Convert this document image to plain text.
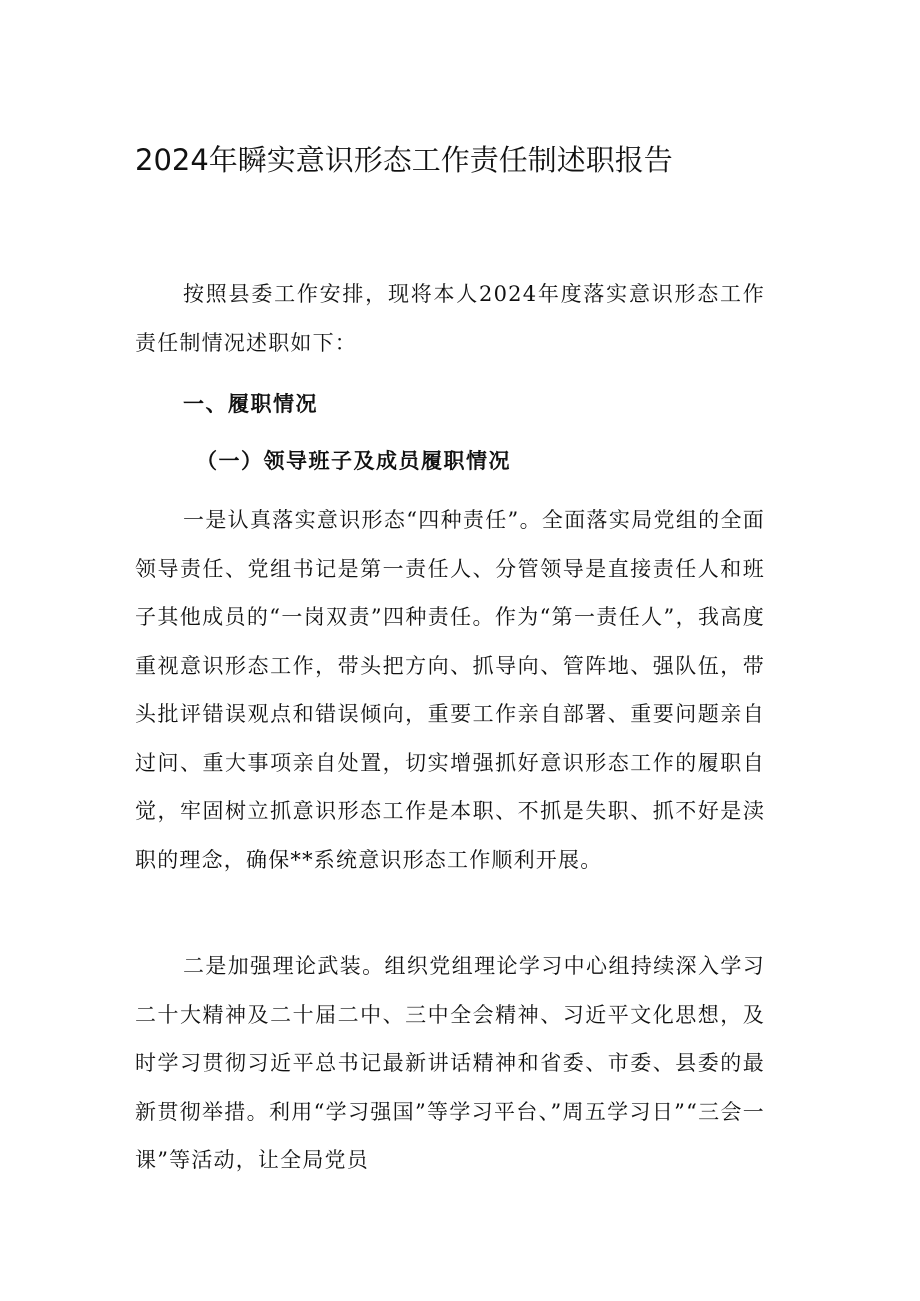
2024年瞬实意识形态工作责任制述职报告

按照县委工作安排，现将本人2024年度落实意识形态工作责任制情况述职如下：

一、履职情况

（一）领导班子及成员履职情况

一是认真落实意识形态“四种责任”。全面落实局党组的全面领导责任、党组书记是第一责任人、分管领导是直接责任人和班子其他成员的“一岗双责”四种责任。作为“第一责任人”，我高度重视意识形态工作，带头把方向、抓导向、管阵地、强队伍，带头批评错误观点和错误倾向，重要工作亲自部署、重要问题亲自过问、重大事项亲自处置，切实增强抓好意识形态工作的履职自觉，牢固树立抓意识形态工作是本职、不抓是失职、抓不好是渎职的理念，确保**系统意识形态工作顺利开展。

二是加强理论武装。组织党组理论学习中心组持续深入学习二十大精神及二十届二中、三中全会精神、习近平文化思想，及时学习贯彻习近平总书记最新讲话精神和省委、市委、县委的最新贯彻举措。利用“学习强国”等学习平台、”周五学习日”“三会一课”等活动，让全局党员
